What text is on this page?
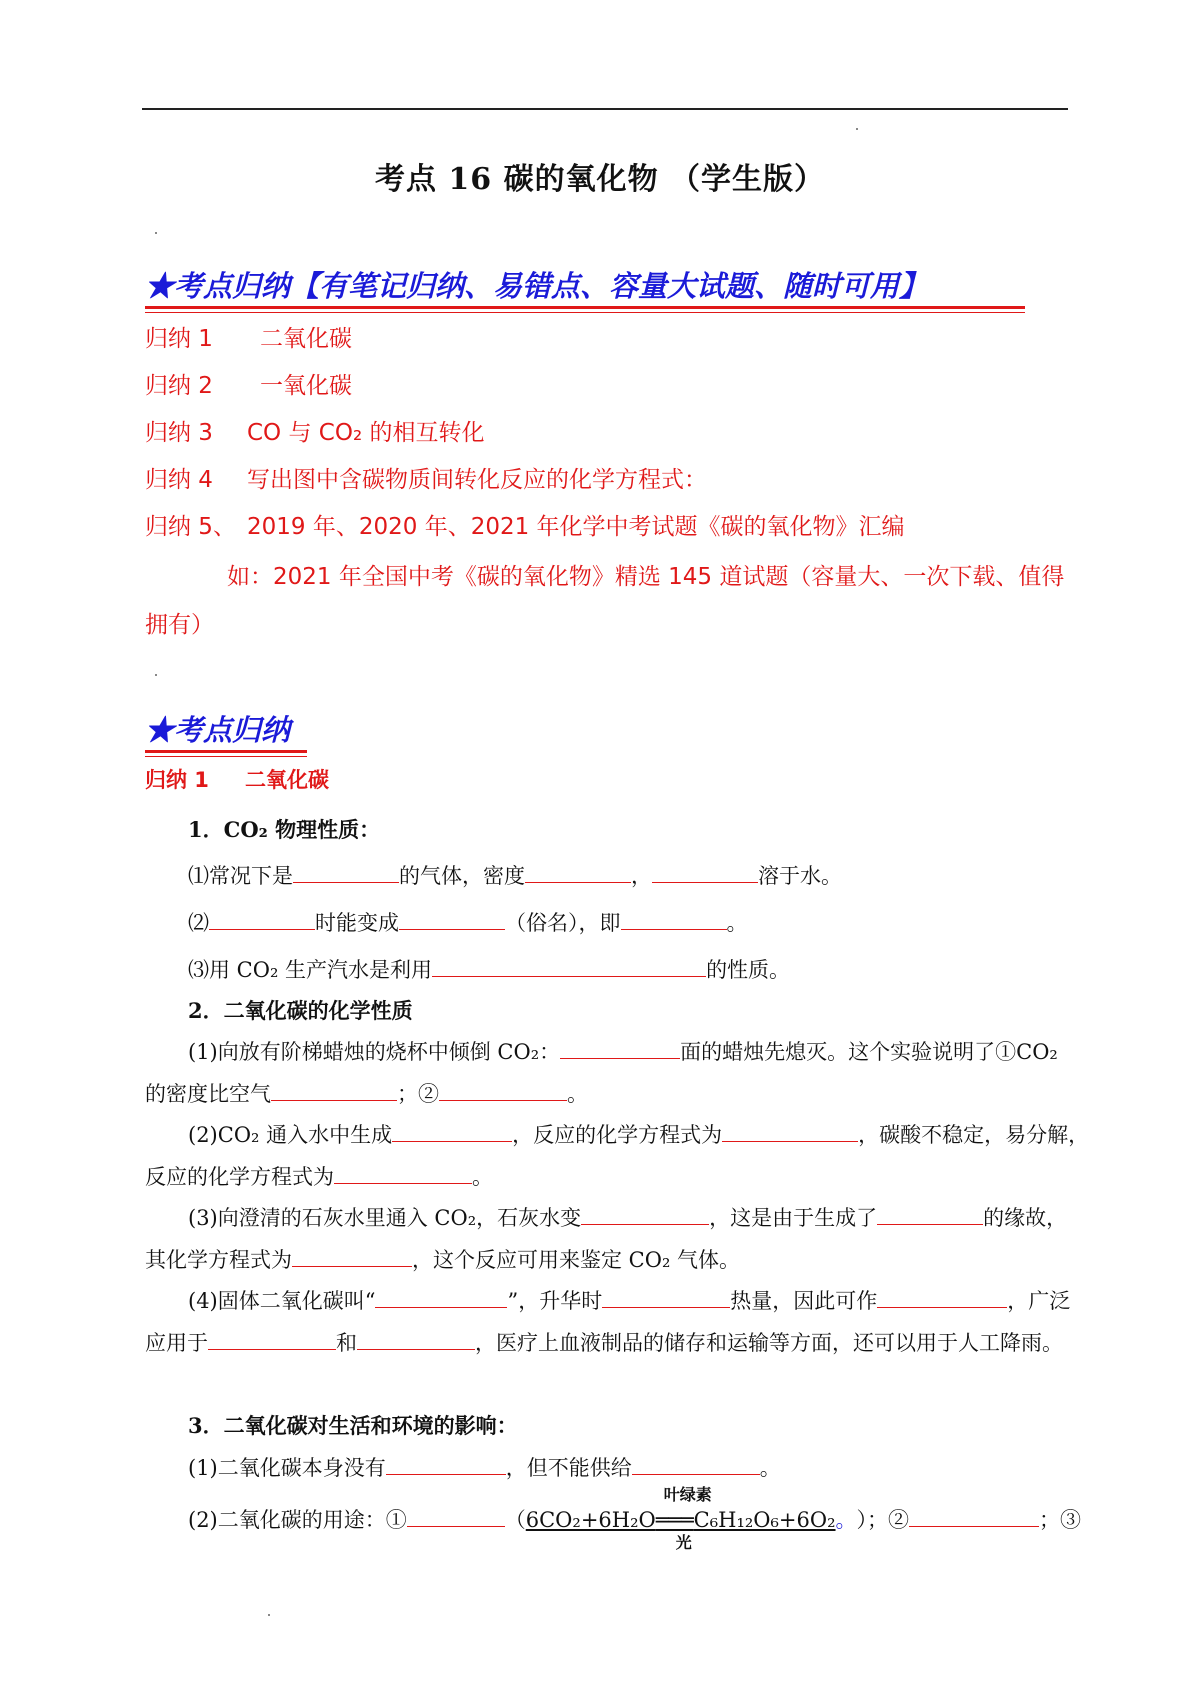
考点 16 碳的氧化物 （学生版）
★考点归纳【有笔记归纳、易错点、容量大试题、随时可用】
归纳 1 二氧化碳
归纳 2 一氧化碳
归纳 3 CO 与 CO₂ 的相互转化
归纳 4 写出图中含碳物质间转化反应的化学方程式：
归纳 5、 2019 年、2020 年、2021 年化学中考试题《碳的氧化物》汇编
如：2021 年全国中考《碳的氧化物》精选 145 道试题（容量大、一次下载、值得拥有）
★考点归纳
归纳 1 二氧化碳
1．CO₂ 物理性质：
⑴常况下是	的气体，密度	，	溶于水。
⑵	时能变成	（俗名），即	。
⑶用 CO₂ 生产汽水是利用	的性质。
2．二氧化碳的化学性质
(1)向放有阶梯蜡烛的烧杯中倾倒 CO₂：	面的蜡烛先熄灭。这个实验说明了①CO₂
的密度比空气	；②	。
(2)CO₂ 通入水中生成	，反应的化学方程式为	，碳酸不稳定，易分解，
反应的化学方程式为	。
(3)向澄清的石灰水里通入 CO₂，石灰水变	，这是由于生成了	的缘故，
其化学方程式为	，这个反应可用来鉴定 CO₂ 气体。
(4)固体二氧化碳叫“	”，升华时	热量，因此可作	，广泛
应用于	和	，医疗上血液制品的储存和运输等方面，还可以用于人工降雨。
3．二氧化碳对生活和环境的影响：
(1)二氧化碳本身没有	，但不能供给	。
(2)二氧化碳的用途：①	（
叶绿素
6CO₂+6H₂O═══C₆H₁₂O₆+6O₂。
光
）；②	；③
